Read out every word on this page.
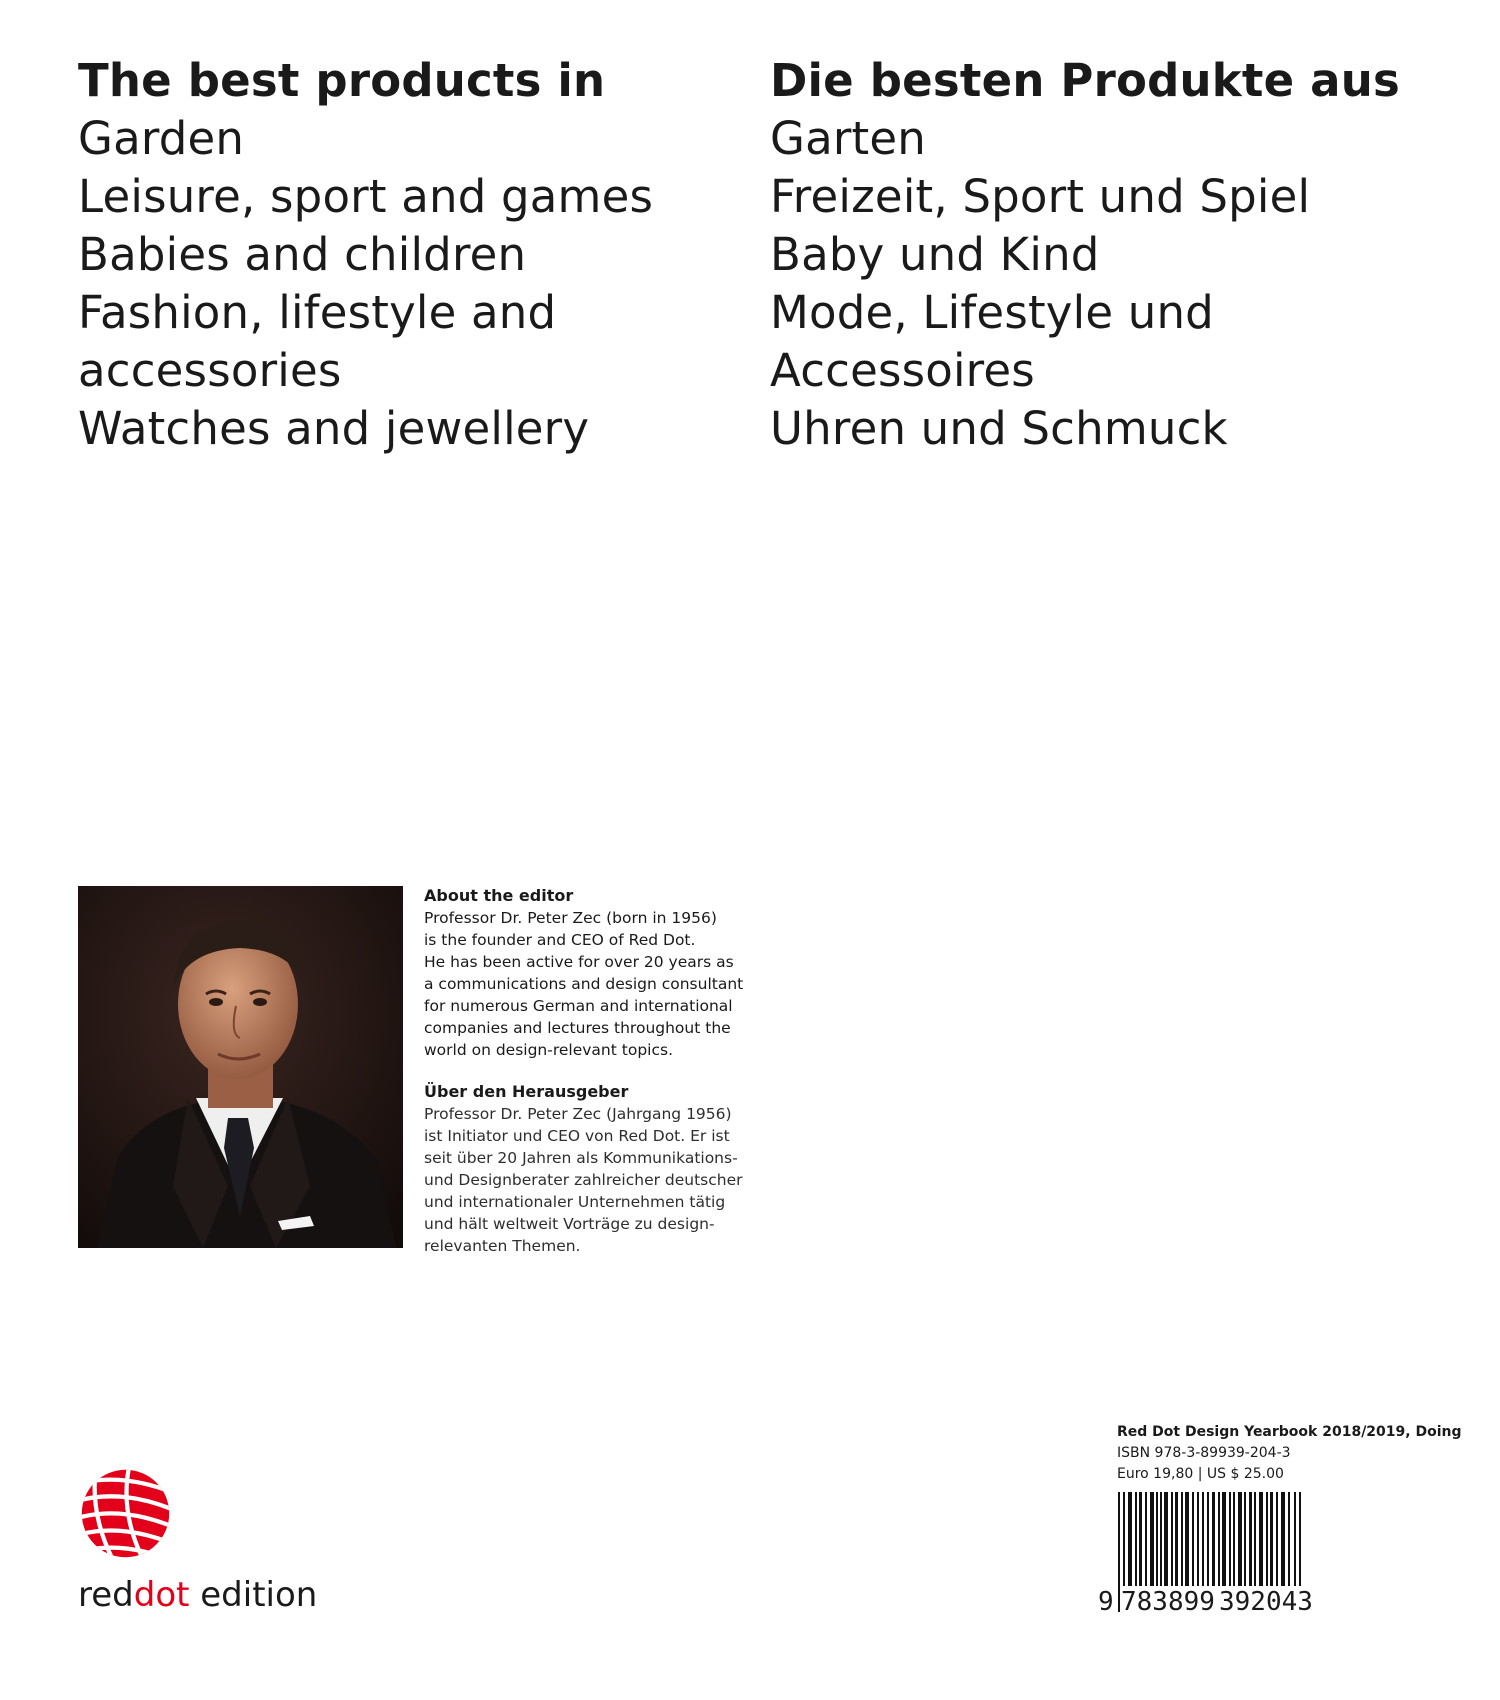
The best products in
Garden
Leisure, sport and games
Babies and children
Fashion, lifestyle and
accessories
Watches and jewellery
Die besten Produkte aus
Garten
Freizeit, Sport und Spiel
Baby und Kind
Mode, Lifestyle und
Accessoires
Uhren und Schmuck
About the editor

Professor Dr. Peter Zec (born in 1956)
is the founder and CEO of Red Dot.
He has been active for over 20 years as
a communications and design consultant
for numerous German and international
companies and lectures throughout the
world on design-relevant topics.

Über den Herausgeber

Professor Dr. Peter Zec (Jahrgang 1956)
ist Initiator und CEO von Red Dot. Er ist
seit über 20 Jahren als Kommunikations-
und Designberater zahlreicher deutscher
und internationaler Unternehmen tätig
und hält weltweit Vorträge zu design-
relevanten Themen.

reddot edition
Red Dot Design Yearbook 2018/2019, Doing
ISBN 978-3-89939-204-3
Euro 19,80 | US $ 25.00
9 783899 392043
